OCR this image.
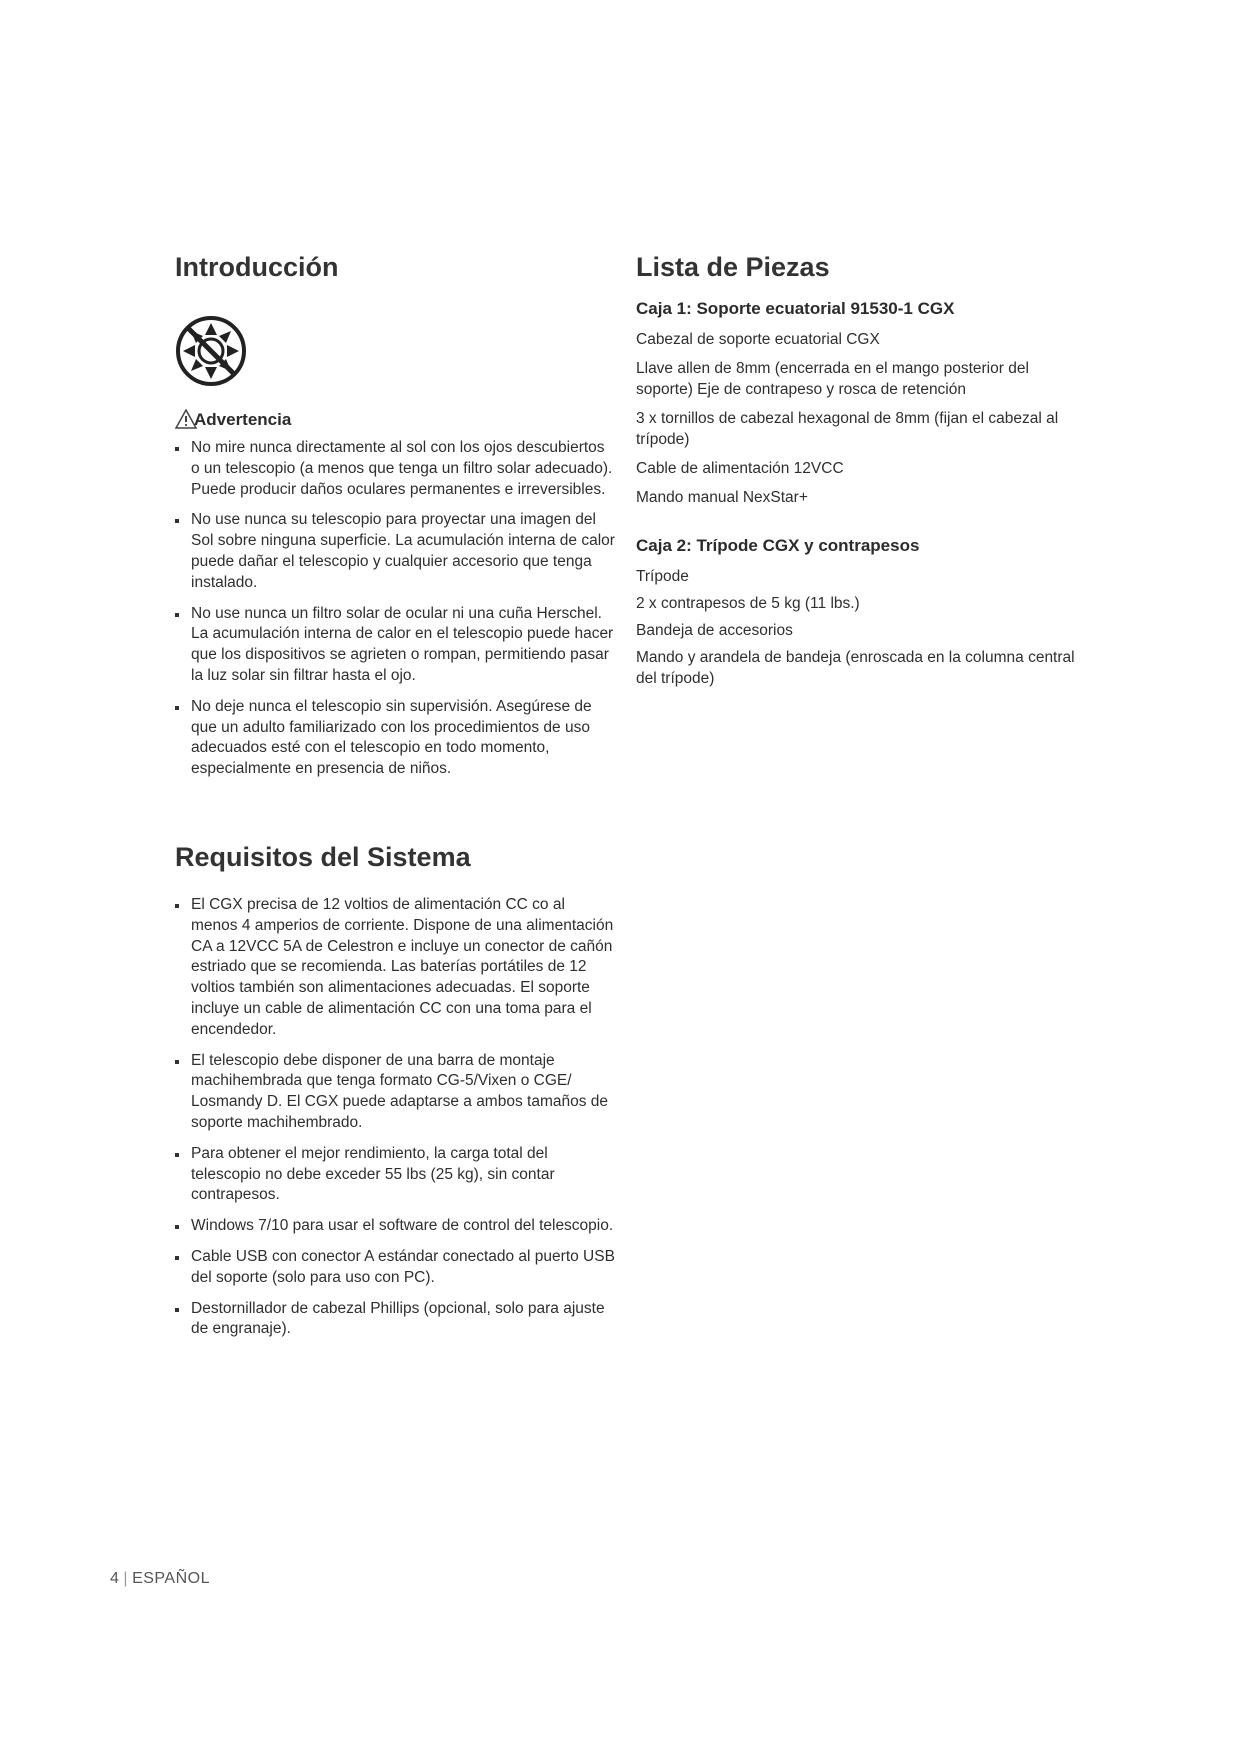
Introducción
Advertencia
No mire nunca directamente al sol con los ojos descubiertos o un telescopio (a menos que tenga un filtro solar adecuado). Puede producir daños oculares permanentes e irreversibles.
No use nunca su telescopio para proyectar una imagen del Sol sobre ninguna superficie. La acumulación interna de calor puede dañar el telescopio y cualquier accesorio que tenga instalado.
No use nunca un filtro solar de ocular ni una cuña Herschel. La acumulación interna de calor en el telescopio puede hacer que los dispositivos se agrieten o rompan, permitiendo pasar la luz solar sin filtrar hasta el ojo.
No deje nunca el telescopio sin supervisión. Asegúrese de que un adulto familiarizado con los procedimientos de uso adecuados esté con el telescopio en todo momento, especialmente en presencia de niños.
Requisitos del Sistema
El CGX precisa de 12 voltios de alimentación CC co al menos 4 amperios de corriente. Dispone de una alimentación CA a 12VCC 5A de Celestron e incluye un conector de cañón estriado que se recomienda. Las baterías portátiles de 12 voltios también son alimentaciones adecuadas. El soporte incluye un cable de alimentación CC con una toma para el encendedor.
El telescopio debe disponer de una barra de montaje machihembrada que tenga formato CG-5/Vixen o CGE/ Losmandy D. El CGX puede adaptarse a ambos tamaños de soporte machihembrado.
Para obtener el mejor rendimiento, la carga total del telescopio no debe exceder 55 lbs (25 kg), sin contar contrapesos.
Windows 7/10 para usar el software de control del telescopio.
Cable USB con conector A estándar conectado al puerto USB del soporte (solo para uso con PC).
Destornillador de cabezal Phillips (opcional, solo para ajuste de engranaje).
Lista de Piezas
Caja 1: Soporte ecuatorial 91530-1 CGX
Cabezal de soporte ecuatorial CGX
Llave allen de 8mm (encerrada en el mango posterior del soporte) Eje de contrapeso y rosca de retención
3 x tornillos de cabezal hexagonal de 8mm (fijan el cabezal al trípode)
Cable de alimentación 12VCC
Mando manual NexStar+
Caja 2: Trípode CGX y contrapesos
Trípode
2 x contrapesos de 5 kg (11 lbs.)
Bandeja de accesorios
Mando y arandela de bandeja (enroscada en la columna central del trípode)
4 | ESPAÑOL
